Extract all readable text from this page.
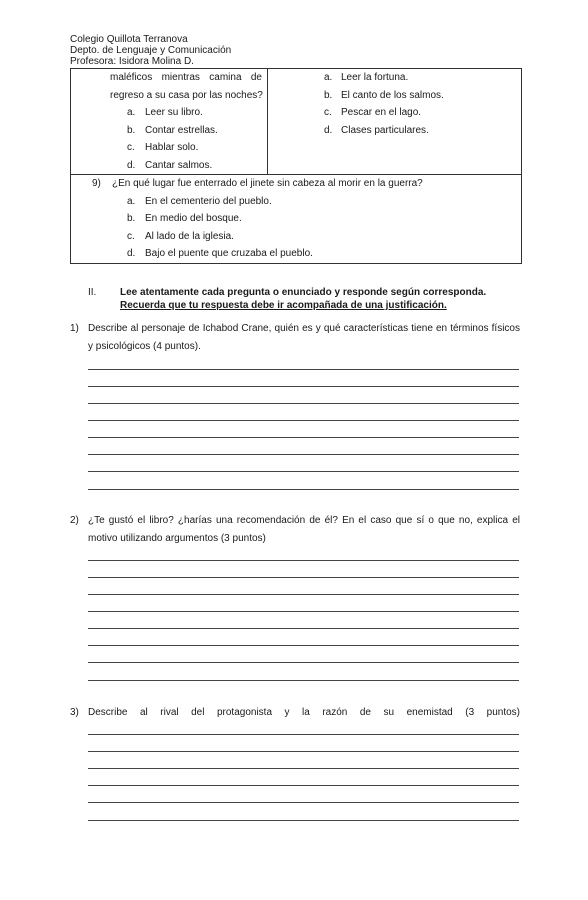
Colegio Quillota Terranova
Depto. de Lenguaje y Comunicación
Profesora: Isidora Molina D.
maléficos mientras camina de
regreso a su casa por las noches?
a. Leer su libro.
b. Contar estrellas.
c. Hablar solo.
d. Cantar salmos.

a. Leer la fortuna.
b. El canto de los salmos.
c. Pescar en el lago.
d. Clases particulares.

9) ¿En qué lugar fue enterrado el jinete sin cabeza al morir en la guerra?
a. En el cementerio del pueblo.
b. En medio del bosque.
c. Al lado de la iglesia.
d. Bajo el puente que cruzaba el pueblo.
II. Lee atentamente cada pregunta o enunciado y responde según corresponda.
Recuerda que tu respuesta debe ir acompañada de una justificación.
1) Describe al personaje de Ichabod Crane, quién es y qué características tiene en términos físicos y psicológicos (4 puntos).
2) ¿Te gustó el libro? ¿harías una recomendación de él? En el caso que sí o que no, explica el motivo utilizando argumentos (3 puntos)
3) Describe al rival del protagonista y la razón de su enemistad (3 puntos)
